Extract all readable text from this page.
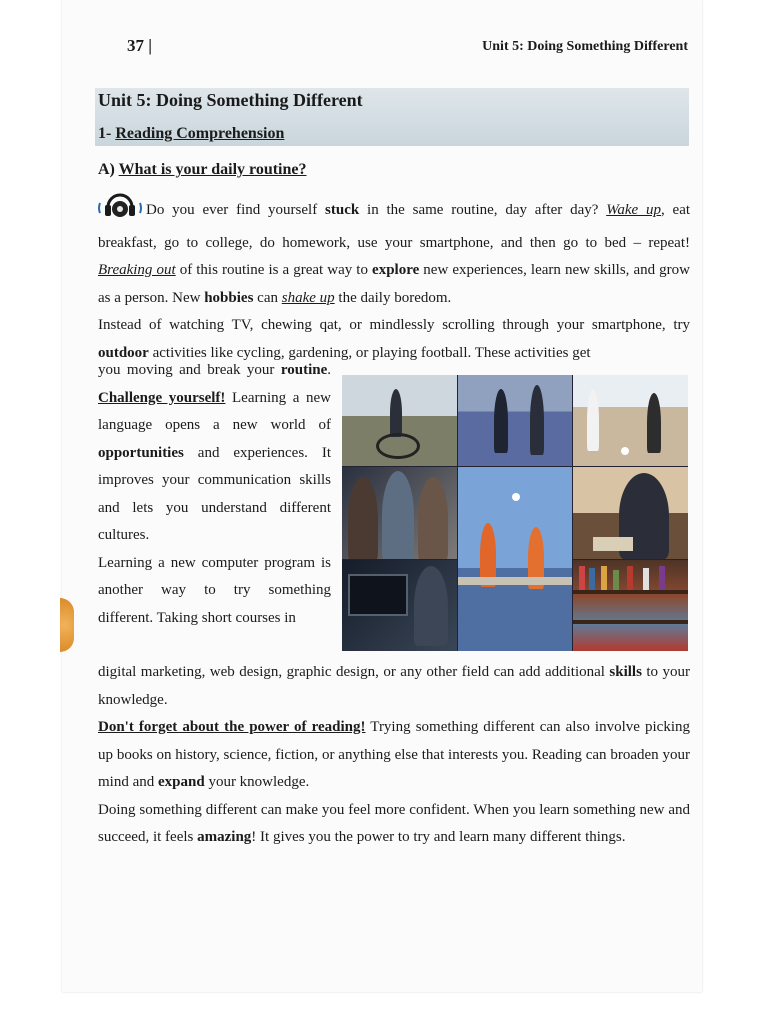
37 |	Unit 5: Doing Something Different
Unit 5: Doing Something Different
1- Reading Comprehension
A) What is your daily routine?

Do you ever find yourself stuck in the same routine, day after day? Wake up, eat breakfast, go to college, do homework, use your smartphone, and then go to bed – repeat! Breaking out of this routine is a great way to explore new experiences, learn new skills, and grow as a person. New hobbies can shake up the daily boredom.

Instead of watching TV, chewing qat, or mindlessly scrolling through your smartphone, try outdoor activities like cycling, gardening, or playing football. These activities get

you moving and break your routine.

Challenge yourself! Learning a new language opens a new world of opportunities and experiences. It improves your communication skills and lets you understand different cultures.

Learning a new computer program is another way to try something different. Taking short courses in

digital marketing, web design, graphic design, or any other field can add additional skills to your knowledge.

Don't forget about the power of reading! Trying something different can also involve picking up books on history, science, fiction, or anything else that interests you. Reading can broaden your mind and expand your knowledge.

Doing something different can make you feel more confident. When you learn something new and succeed, it feels amazing! It gives you the power to try and learn many different things.
